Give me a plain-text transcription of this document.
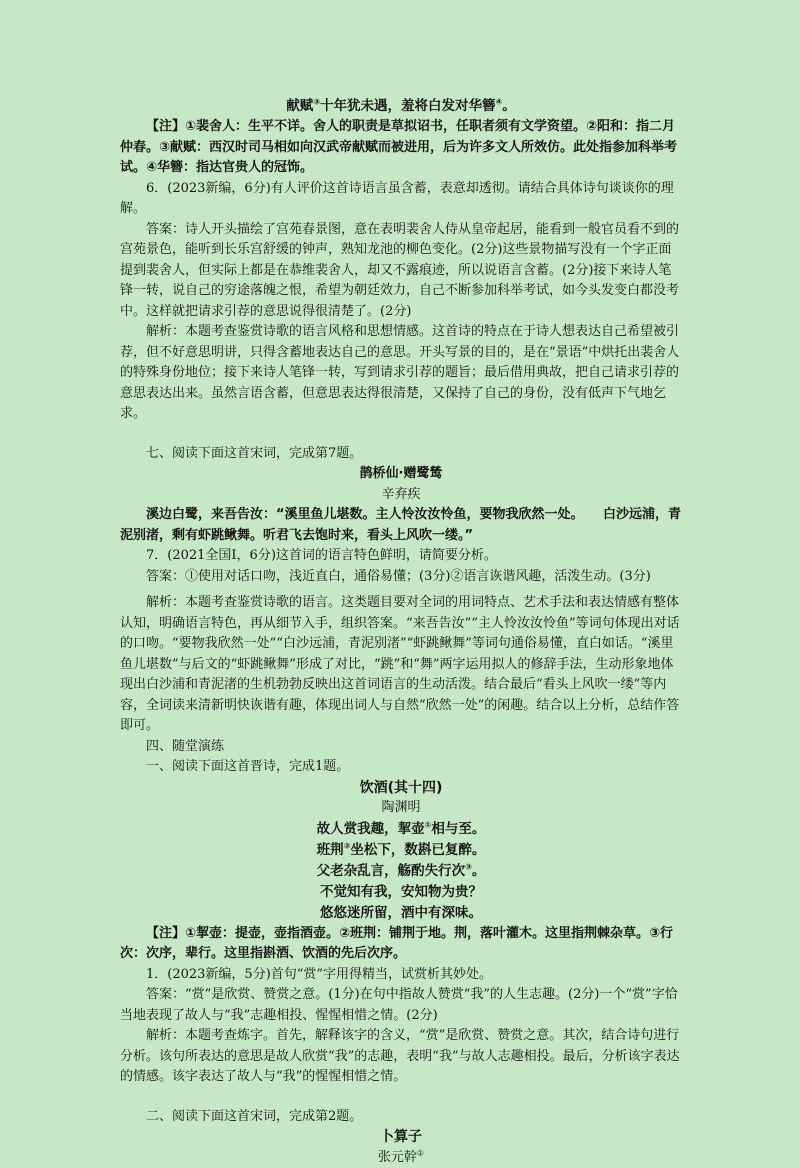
献赋③十年犹未遇，羞将白发对华簪④。

【注】①裴舍人：生平不详。舍人的职责是草拟诏书，任职者须有文学资望。②阳和：指二月仲春。③献赋：西汉时司马相如向汉武帝献赋而被进用，后为许多文人所效仿。此处指参加科举考试。④华簪：指达官贵人的冠饰。

6．(2023新编，6分)有人评价这首诗语言虽含蓄，表意却透彻。请结合具体诗句谈谈你的理解。

答案：诗人开头描绘了宫苑春景图，意在表明裴舍人侍从皇帝起居，能看到一般官员看不到的宫苑景色，能听到长乐宫舒缓的钟声，熟知龙池的柳色变化。(2分)这些景物描写没有一个字正面提到裴舍人，但实际上都是在恭维裴舍人，却又不露痕迹，所以说语言含蓄。(2分)接下来诗人笔锋一转，说自己的穷途落魄之恨，希望为朝廷效力，自己不断参加科举考试，如今头发变白都没考中。这样就把请求引荐的意思说得很清楚了。(2分)

解析：本题考查鉴赏诗歌的语言风格和思想情感。这首诗的特点在于诗人想表达自己希望被引荐，但不好意思明讲，只得含蓄地表达自己的意思。开头写景的目的，是在“景语”中烘托出裴舍人的特殊身份地位；接下来诗人笔锋一转，写到请求引荐的题旨；最后借用典故，把自己请求引荐的意思表达出来。虽然言语含蓄，但意思表达得很清楚，又保持了自己的身份，没有低声下气地乞求。

七、阅读下面这首宋词，完成第7题。

鹊桥仙·赠鹭鸶

辛弃疾

溪边白鹭，来吾告汝：“溪里鱼儿堪数。主人怜汝汝怜鱼，要物我欣然一处。　　白沙远浦，青泥别渚，剩有虾跳鳅舞。听君飞去饱时来，看头上风吹一缕。”

7．(2021全国Ⅰ，6分)这首词的语言特色鲜明，请简要分析。

答案：①使用对话口吻，浅近直白，通俗易懂；(3分)②语言诙谐风趣，活泼生动。(3分)

解析：本题考查鉴赏诗歌的语言。这类题目要对全词的用词特点、艺术手法和表达情感有整体认知，明确语言特色，再从细节入手，组织答案。“来吾告汝”“主人怜汝汝怜鱼”等词句体现出对话的口吻。“要物我欣然一处”“白沙远浦，青泥别渚”“虾跳鳅舞”等词句通俗易懂，直白如话。“溪里鱼儿堪数”与后文的“虾跳鳅舞”形成了对比，“跳”和“舞”两字运用拟人的修辞手法，生动形象地体现出白沙浦和青泥渚的生机勃勃反映出这首词语言的生动活泼。结合最后“看头上风吹一缕”等内容，全词读来清新明快诙谐有趣，体现出词人与自然“欣然一处”的闲趣。结合以上分析，总结作答即可。

四、随堂演练

一、阅读下面这首晋诗，完成1题。

饮酒(其十四)

陶渊明

故人赏我趣，挈壶①相与至。

班荆②坐松下，数斟已复醉。

父老杂乱言，觞酌失行次③。

不觉知有我，安知物为贵？

悠悠迷所留，酒中有深味。

【注】①挈壶：提壶，壶指酒壶。②班荆：铺荆于地。荆，落叶灌木。这里指荆棘杂草。③行次：次序，辈行。这里指斟酒、饮酒的先后次序。

1．(2023新编，5分)首句“赏”字用得精当，试赏析其妙处。

答案：“赏”是欣赏、赞赏之意。(1分)在句中指故人赞赏“我”的人生志趣。(2分)一个“赏”字恰当地表现了故人与“我”志趣相投、惺惺相惜之情。(2分)

解析：本题考查炼字。首先，解释该字的含义，“赏”是欣赏、赞赏之意。其次，结合诗句进行分析。该句所表达的意思是故人欣赏“我”的志趣，表明“我”与故人志趣相投。最后，分析该字表达的情感。该字表达了故人与“我”的惺惺相惜之情。

二、阅读下面这首宋词，完成第2题。

卜算子

张元幹①
